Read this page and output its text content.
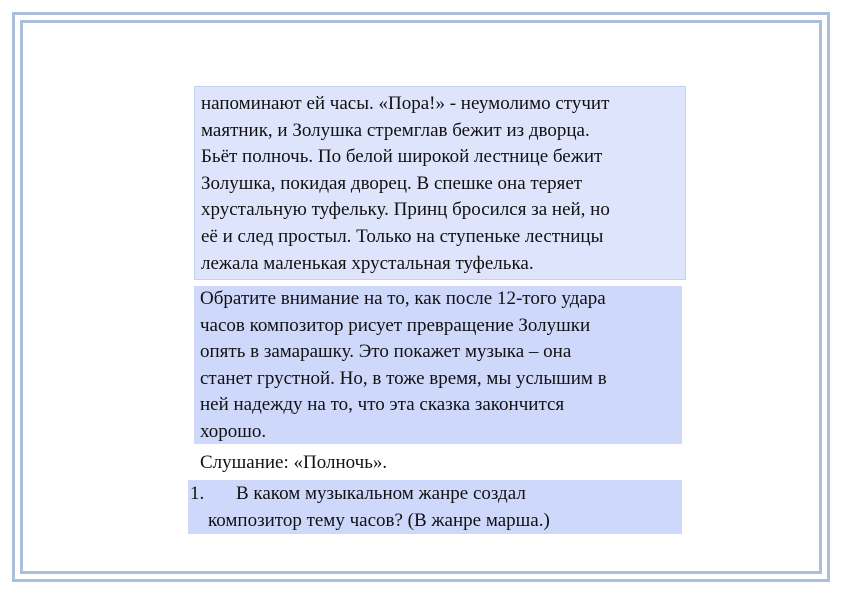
напоминают ей часы. «Пора!» - неумолимо стучит
маятник, и Золушка стремглав бежит из дворца.
Бьёт полночь. По белой широкой лестнице бежит
Золушка, покидая дворец. В спешке она теряет
хрустальную туфельку. Принц бросился за ней, но
её и след простыл. Только на ступеньке лестницы
лежала маленькая хрустальная туфелька.
Обратите внимание на то, как после 12-того удара
часов композитор рисует превращение Золушки
опять в замарашку. Это покажет музыка – она
станет грустной. Но, в тоже время, мы услышим в
ней надежду на то, что эта сказка закончится
хорошо.
Слушание: «Полночь».
1.	В каком музыкальном жанре создал
композитор тему часов? (В жанре марша.)
